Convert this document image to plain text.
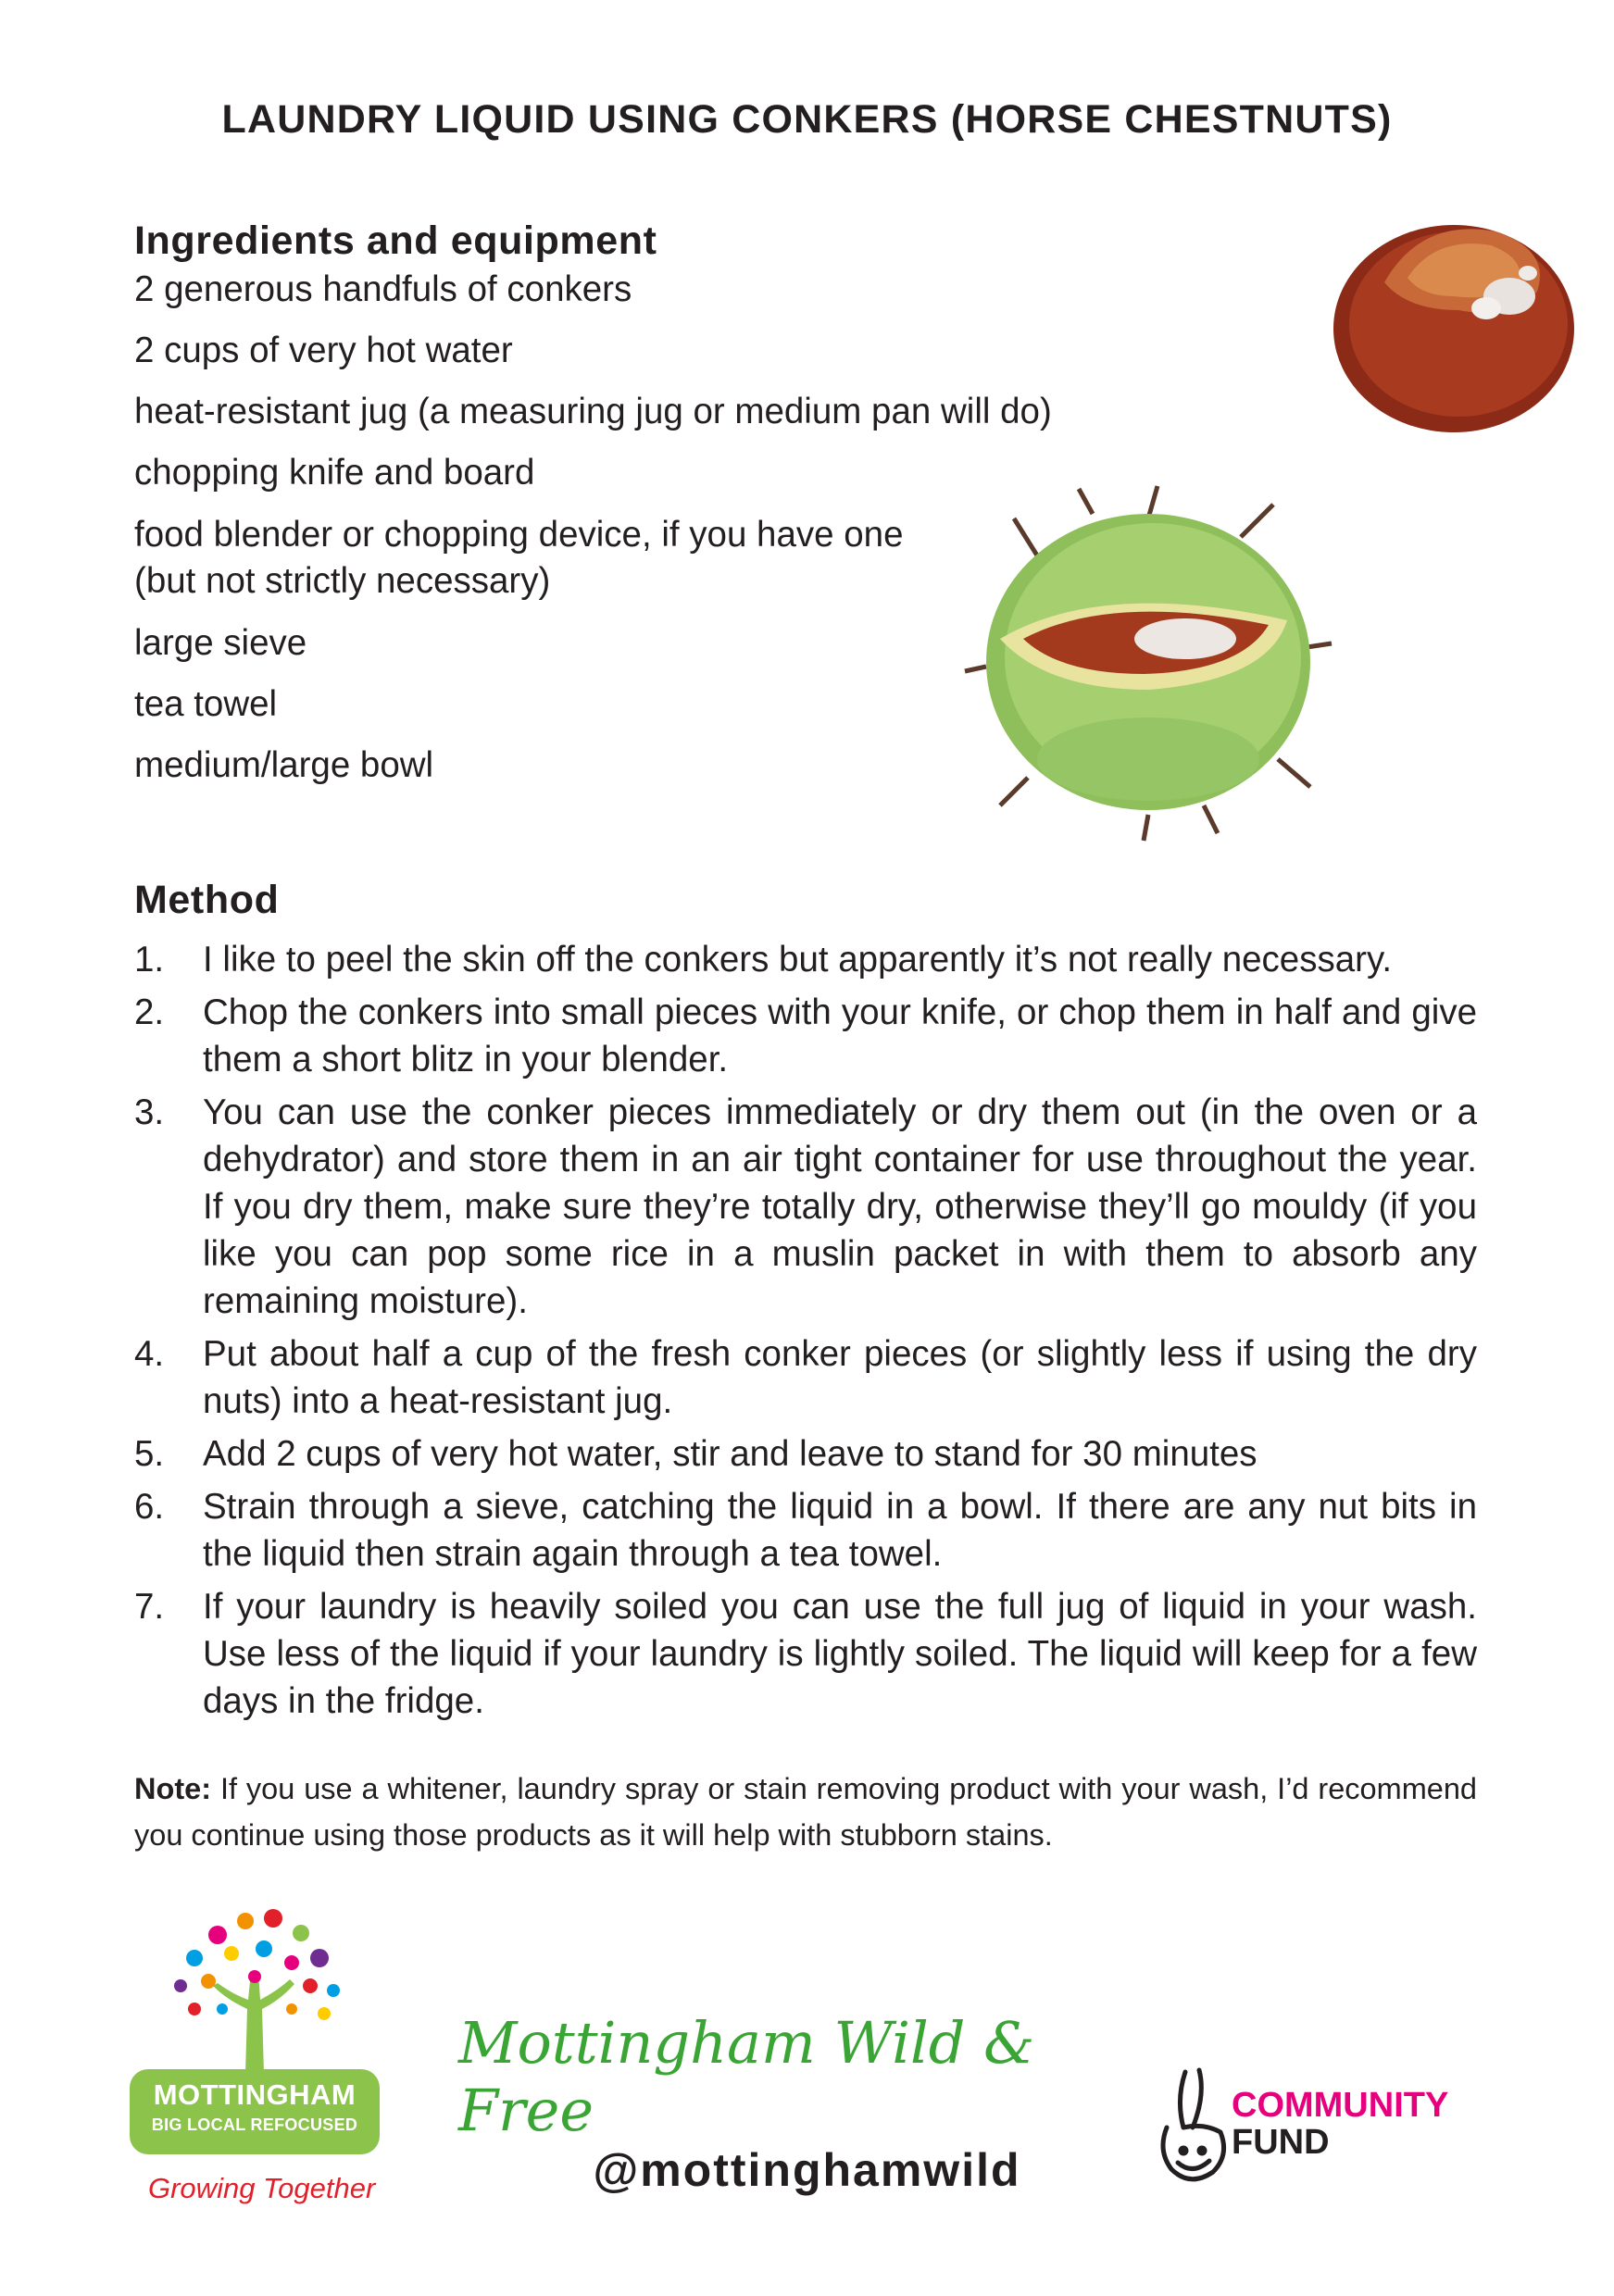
LAUNDRY LIQUID USING CONKERS (HORSE CHESTNUTS)
Ingredients and equipment
2 generous handfuls of conkers
2 cups of very hot water
heat-resistant jug (a measuring jug or medium pan will do)
chopping knife and board
food blender or chopping device, if you have one
(but not strictly necessary)
large sieve
tea towel
medium/large bowl
Method
1. I like to peel the skin off the conkers but apparently it’s not really necessary.
2. Chop the conkers into small pieces with your knife, or chop them in half and give them a short blitz in your blender.
3. You can use the conker pieces immediately or dry them out (in the oven or a dehydrator) and store them in an air tight container for use throughout the year. If you dry them, make sure they’re totally dry, otherwise they’ll go mouldy (if you like you can pop some rice in a muslin packet in with them to absorb any remaining moisture).
4. Put about half a cup of the fresh conker pieces (or slightly less if using the dry nuts) into a heat-resistant jug.
5. Add 2 cups of very hot water, stir and leave to stand for 30 minutes
6. Strain through a sieve, catching the liquid in a bowl. If there are any nut bits in the liquid then strain again through a tea towel.
7. If your laundry is heavily soiled you can use the full jug of liquid in your wash. Use less of the liquid if your laundry is lightly soiled. The liquid will keep for a few days in the fridge.
Note: If you use a whitener, laundry spray or stain removing product with your wash, I’d recommend you continue using those products as it will help with stubborn stains.
MOTTINGHAM
BIG LOCAL REFOCUSED
Growing Together
Mottingham Wild & Free
@mottinghamwild
COMMUNITY
FUND
